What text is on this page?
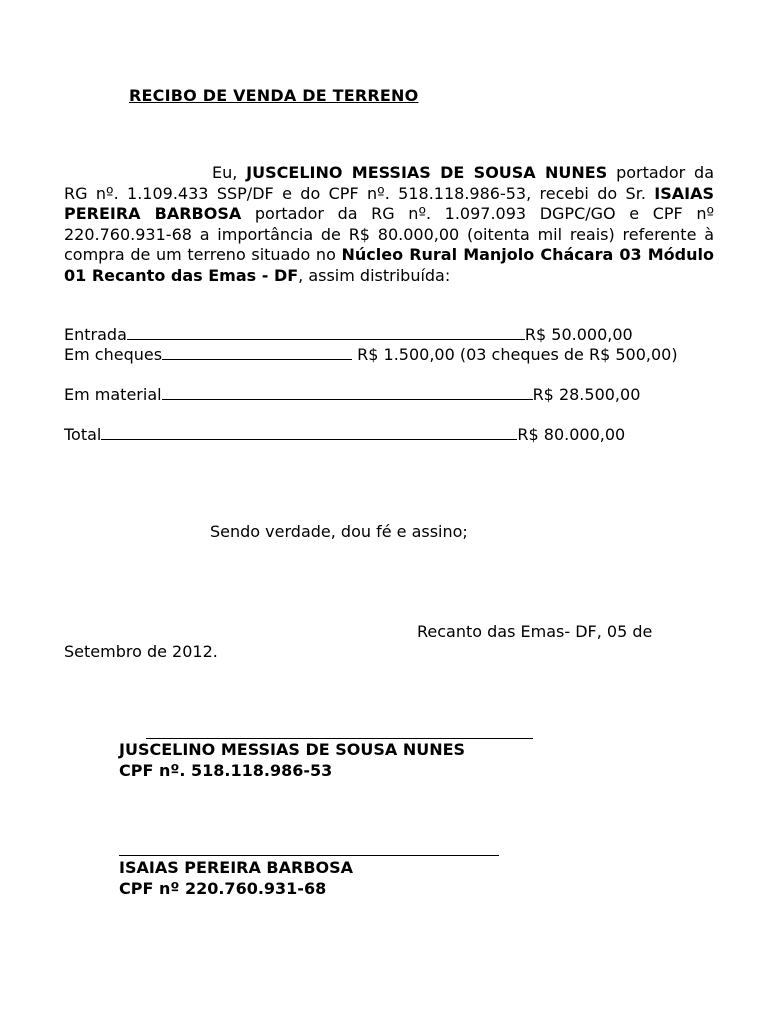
RECIBO DE VENDA DE TERRENO
Eu, JUSCELINO MESSIAS DE SOUSA NUNES portador da RG nº. 1.109.433 SSP/DF e do CPF nº. 518.118.986-53, recebi do Sr. ISAIAS PEREIRA BARBOSA portador da RG nº. 1.097.093 DGPC/GO e CPF nº 220.760.931-68 a importância de R$ 80.000,00 (oitenta mil reais) referente à compra de um terreno situado no Núcleo Rural Manjolo Chácara 03 Módulo 01 Recanto das Emas - DF, assim distribuída:
Entrada	R$ 50.000,00
Em cheques	R$ 1.500,00 (03 cheques de R$ 500,00)
Em material	R$ 28.500,00
Total	R$ 80.000,00
Sendo verdade, dou fé e assino;
Recanto das Emas- DF, 05 de Setembro de 2012.
JUSCELINO MESSIAS DE SOUSA NUNES
CPF nº. 518.118.986-53
ISAIAS PEREIRA BARBOSA
CPF nº 220.760.931-68
